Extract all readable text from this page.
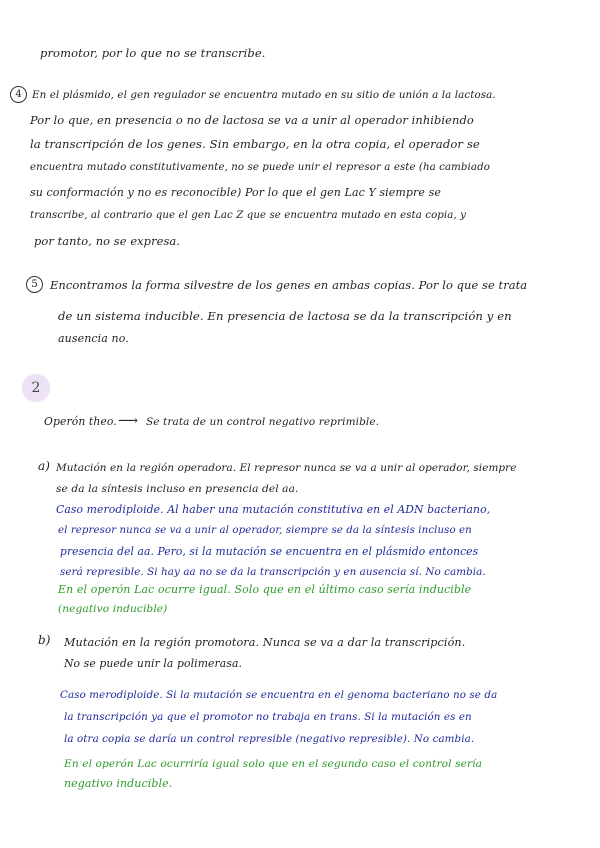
promotor, por lo que no se transcribe.
4	En el plásmido, el gen regulador se encuentra mutado en su sitio de unión a la lactosa.
Por lo que, en presencia o no de lactosa se va a unir al operador inhibiendo
la transcripción de los genes. Sin embargo, en la otra copia, el operador se
encuentra mutado constitutivamente, no se puede unir el represor a este (ha cambiado
su conformación y no es reconocible) Por lo que el gen Lac Y siempre se
transcribe, al contrario que el gen Lac Z que se encuentra mutado en esta copia, y
por tanto, no se expresa.
5	Encontramos la forma silvestre de los genes en ambas copias. Por lo que se trata
de un sistema inducible. En presencia de lactosa se da la transcripción y en
ausencia no.
2
Operón theo. ⟶ Se trata de un control negativo reprimible.
a) Mutación en la región operadora. El represor nunca se va a unir al operador, siempre
se da la síntesis incluso en presencia del aa.
Caso merodiploide. Al haber una mutación constitutiva en el ADN bacteriano,
el represor nunca se va a unir al operador, siempre se da la síntesis incluso en
presencia del aa. Pero, si la mutación se encuentra en el plásmido entonces
será represible. Si hay aa no se da la transcripción y en ausencia sí. No cambia.
En el operón Lac ocurre igual. Solo que en el último caso sería inducible
(negativo inducible)
b) Mutación en la región promotora. Nunca se va a dar la transcripción.
No se puede unir la polimerasa.
Caso merodiploide. Si la mutación se encuentra en el genoma bacteriano no se da
la transcripción ya que el promotor no trabaja en trans. Si la mutación es en
la otra copia se daría un control represible (negativo represible). No cambia.
En el operón Lac ocurriría igual solo que en el segundo caso el control sería
negativo inducible.
